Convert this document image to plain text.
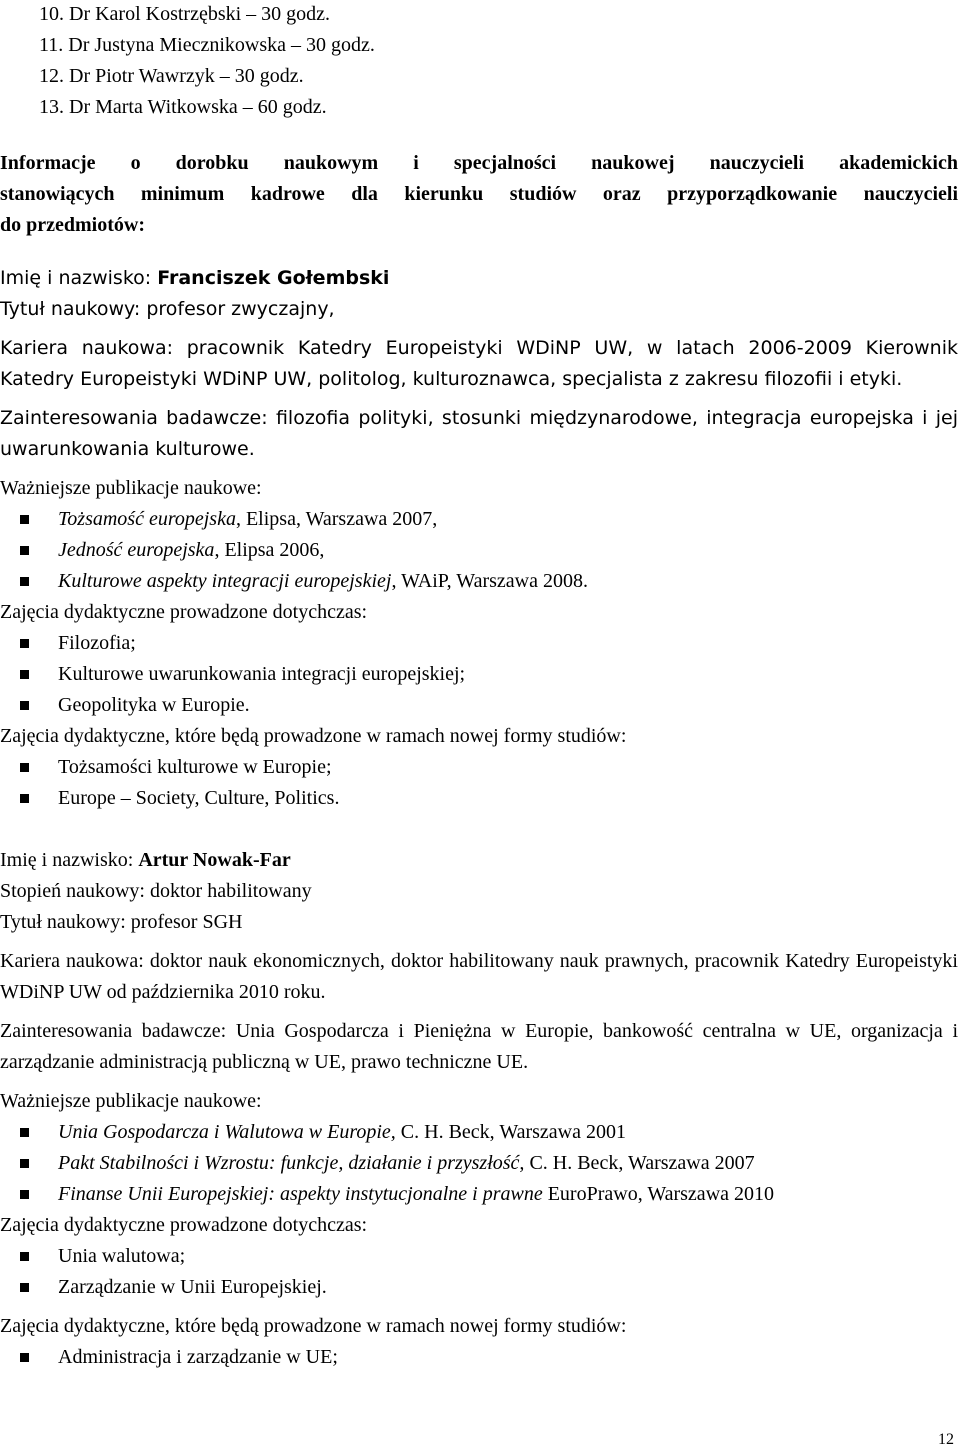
10. Dr Karol Kostrzębski – 30 godz.
11. Dr Justyna Miecznikowska – 30 godz.
12. Dr Piotr Wawrzyk – 30 godz.
13. Dr Marta Witkowska – 60 godz.
Informacje o dorobku naukowym i specjalności naukowej nauczycieli akademickich
stanowiących minimum kadrowe dla kierunku studiów oraz przyporządkowanie nauczycieli
do przedmiotów:

Imię i nazwisko: Franciszek Gołembski

Tytuł naukowy: profesor zwyczajny,

Kariera naukowa: pracownik Katedry Europeistyki WDiNP UW, w latach 2006-2009 Kierownik Katedry Europeistyki WDiNP UW, politolog, kulturoznawca, specjalista z zakresu filozofii i etyki.

Zainteresowania badawcze: filozofia polityki, stosunki międzynarodowe, integracja europejska i jej uwarunkowania kulturowe.

Ważniejsze publikacje naukowe:

Tożsamość europejska, Elipsa, Warszawa 2007,
Jedność europejska, Elipsa 2006,
Kulturowe aspekty integracji europejskiej, WAiP, Warszawa 2008.

Zajęcia dydaktyczne prowadzone dotychczas:

Filozofia;
Kulturowe uwarunkowania integracji europejskiej;
Geopolityka w Europie.

Zajęcia dydaktyczne, które będą prowadzone w ramach nowej formy studiów:

Tożsamości kulturowe w Europie;
Europe – Society, Culture, Politics.

Imię i nazwisko: Artur Nowak-Far

Stopień naukowy: doktor habilitowany

Tytuł naukowy: profesor SGH

Kariera naukowa: doktor nauk ekonomicznych, doktor habilitowany nauk prawnych, pracownik Katedry Europeistyki WDiNP UW od października 2010 roku.

Zainteresowania badawcze: Unia Gospodarcza i Pieniężna w Europie, bankowość centralna w UE, organizacja i zarządzanie administracją publiczną w UE, prawo techniczne UE.

Ważniejsze publikacje naukowe:

Unia Gospodarcza i Walutowa w Europie, C. H. Beck, Warszawa 2001
Pakt Stabilności i Wzrostu: funkcje, działanie i przyszłość, C. H. Beck, Warszawa 2007
Finanse Unii Europejskiej: aspekty instytucjonalne i prawne EuroPrawo, Warszawa 2010

Zajęcia dydaktyczne prowadzone dotychczas:

Unia walutowa;
Zarządzanie w Unii Europejskiej.

Zajęcia dydaktyczne, które będą prowadzone w ramach nowej formy studiów:

Administracja i zarządzanie w UE;
12
